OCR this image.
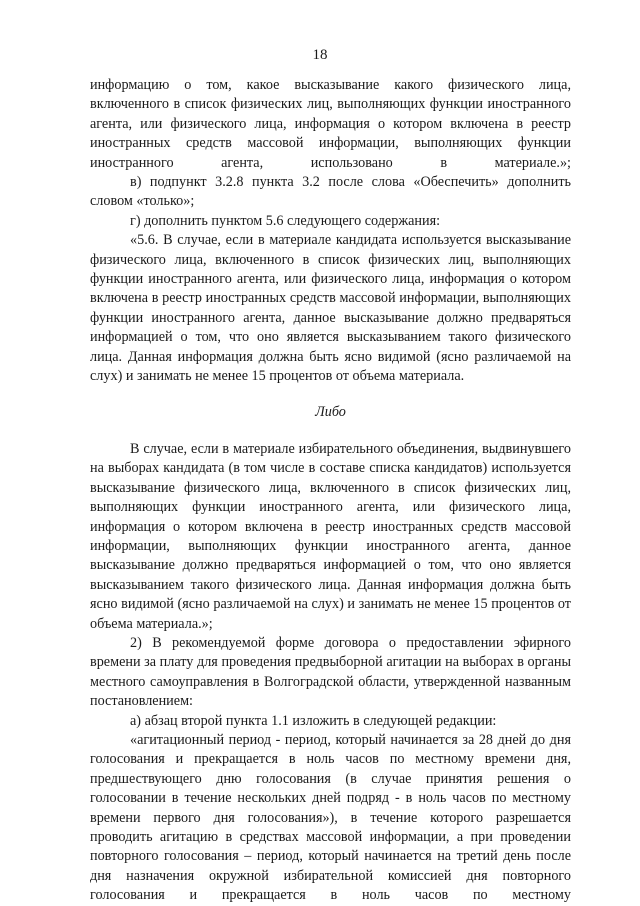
18

информацию о том, какое высказывание какого физического лица, включенного в список физических лиц, выполняющих функции иностранного агента, или физического лица, информация о котором включена в реестр иностранных средств массовой информации, выполняющих функции иностранного агента, использовано в материале.»;

в) подпункт 3.2.8 пункта 3.2 после слова «Обеспечить» дополнить словом «только»;

г) дополнить пунктом 5.6 следующего содержания:

«5.6. В случае, если в материале кандидата используется высказывание физического лица, включенного в список физических лиц, выполняющих функции иностранного агента, или физического лица, информация о котором включена в реестр иностранных средств массовой информации, выполняющих функции иностранного агента, данное высказывание должно предваряться информацией о том, что оно является высказыванием такого физического лица. Данная информация должна быть ясно видимой (ясно различаемой на слух) и занимать не менее 15 процентов от объема материала.

Либо

В случае, если в материале избирательного объединения, выдвинувшего на выборах кандидата (в том числе в составе списка кандидатов) используется высказывание физического лица, включенного в список физических лиц, выполняющих функции иностранного агента, или физического лица, информация о котором включена в реестр иностранных средств массовой информации, выполняющих функции иностранного агента, данное высказывание должно предваряться информацией о том, что оно является высказыванием такого физического лица. Данная информация должна быть ясно видимой (ясно различаемой на слух) и занимать не менее 15 процентов от объема материала.»;

2) В рекомендуемой форме договора о предоставлении эфирного времени за плату для проведения предвыборной агитации на выборах в органы местного самоуправления в Волгоградской области, утвержденной названным постановлением:

а) абзац второй пункта 1.1 изложить в следующей редакции:

«агитационный период - период, который начинается за 28 дней до дня голосования и прекращается в ноль часов по местному времени дня, предшествующего дню голосования (в случае принятия решения о голосовании в течение нескольких дней подряд - в ноль часов по местному времени первого дня голосования»), в течение которого разрешается проводить агитацию в средствах массовой информации, а при проведении повторного голосования – период, который начинается на третий день после дня назначения окружной избирательной комиссией дня повторного голосования и прекращается в ноль часов по местному
